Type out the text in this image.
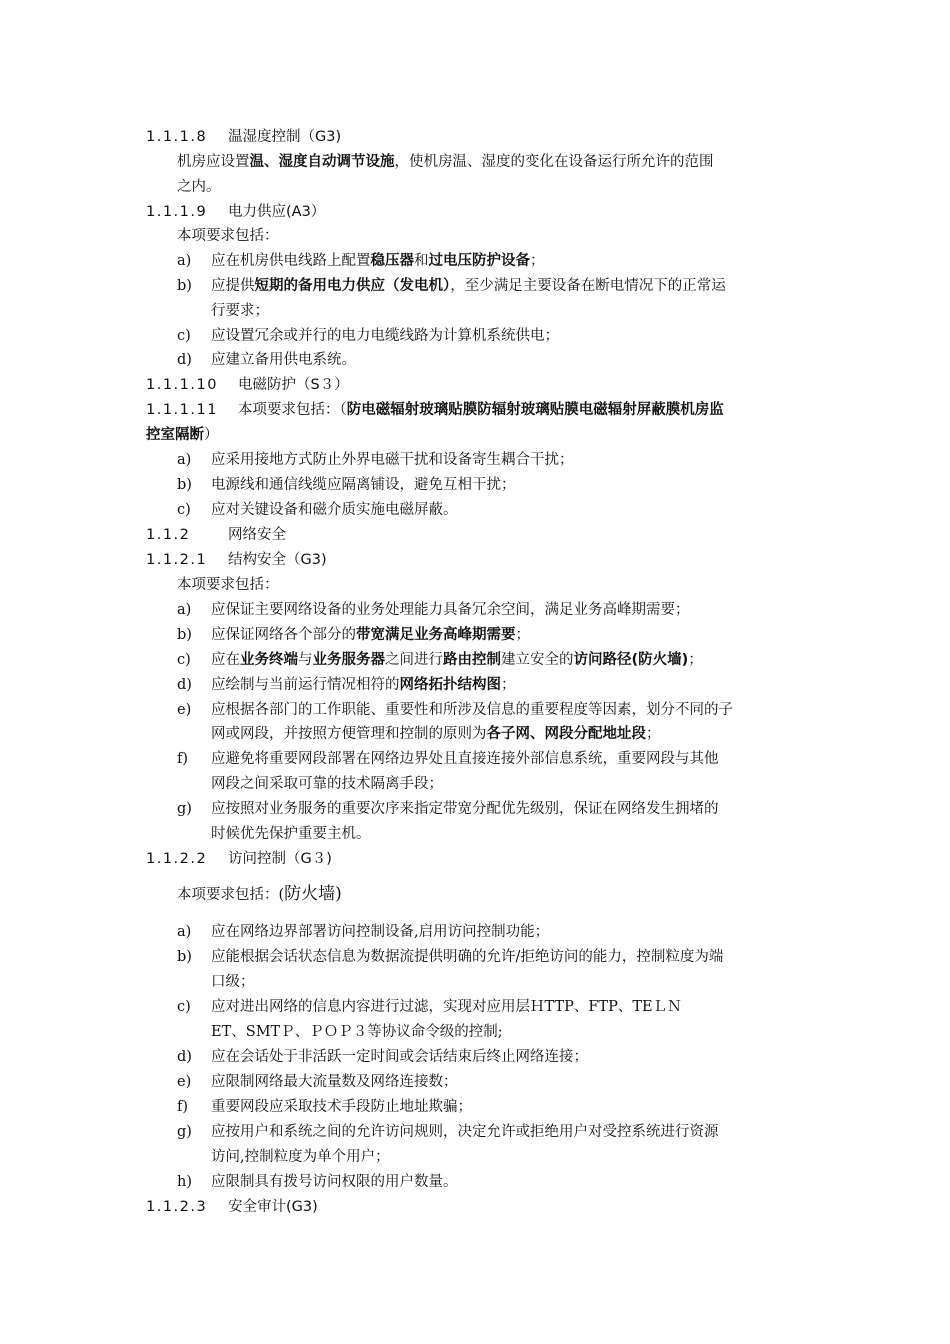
1.1.1.8 温湿度控制（G3)
机房应设置温、湿度自动调节设施，使机房温、湿度的变化在设备运行所允许的范围
之内。
1.1.1.9 电力供应(A3）
本项要求包括：
a) 应在机房供电线路上配置稳压器和过电压防护设备；
b) 应提供短期的备用电力供应（发电机），至少满足主要设备在断电情况下的正常运
行要求；
c) 应设置冗余或并行的电力电缆线路为计算机系统供电；
d) 应建立备用供电系统。
1.1.1.10 电磁防护（S３）
1.1.1.11 本项要求包括：（防电磁辐射玻璃贴膜防辐射玻璃贴膜电磁辐射屏蔽膜机房监
控室隔断）
a) 应采用接地方式防止外界电磁干扰和设备寄生耦合干扰；
b) 电源线和通信线缆应隔离铺设，避免互相干扰；
c) 应对关键设备和磁介质实施电磁屏蔽。
1.1.2	网络安全
1.1.2.1 结构安全（G3)
本项要求包括：
a) 应保证主要网络设备的业务处理能力具备冗余空间，满足业务高峰期需要；
b) 应保证网络各个部分的带宽满足业务高峰期需要；
c) 应在业务终端与业务服务器之间进行路由控制建立安全的访问路径(防火墙)；
d) 应绘制与当前运行情况相符的网络拓扑结构图；
e) 应根据各部门的工作职能、重要性和所涉及信息的重要程度等因素，划分不同的子
网或网段，并按照方便管理和控制的原则为各子网、网段分配地址段；
f) 应避免将重要网段部署在网络边界处且直接连接外部信息系统，重要网段与其他
网段之间采取可靠的技术隔离手段；
g) 应按照对业务服务的重要次序来指定带宽分配优先级别，保证在网络发生拥堵的
时候优先保护重要主机。
1.1.2.2 访问控制（G３)
本项要求包括：(防火墙)
a) 应在网络边界部署访问控制设备,启用访问控制功能；
b) 应能根据会话状态信息为数据流提供明确的允许/拒绝访问的能力，控制粒度为端
口级；
c) 应对进出网络的信息内容进行过滤，实现对应用层ＨTTP、FTP、TEＬＮ
ET、SMTＰ、ＰＯＰ３等协议命令级的控制;
d) 应在会话处于非活跃一定时间或会话结束后终止网络连接；
e) 应限制网络最大流量数及网络连接数；
f) 重要网段应采取技术手段防止地址欺骗；
g) 应按用户和系统之间的允许访问规则，决定允许或拒绝用户对受控系统进行资源
访问,控制粒度为单个用户；
h) 应限制具有拨号访问权限的用户数量。
1.1.2.3 安全审计(G3)
